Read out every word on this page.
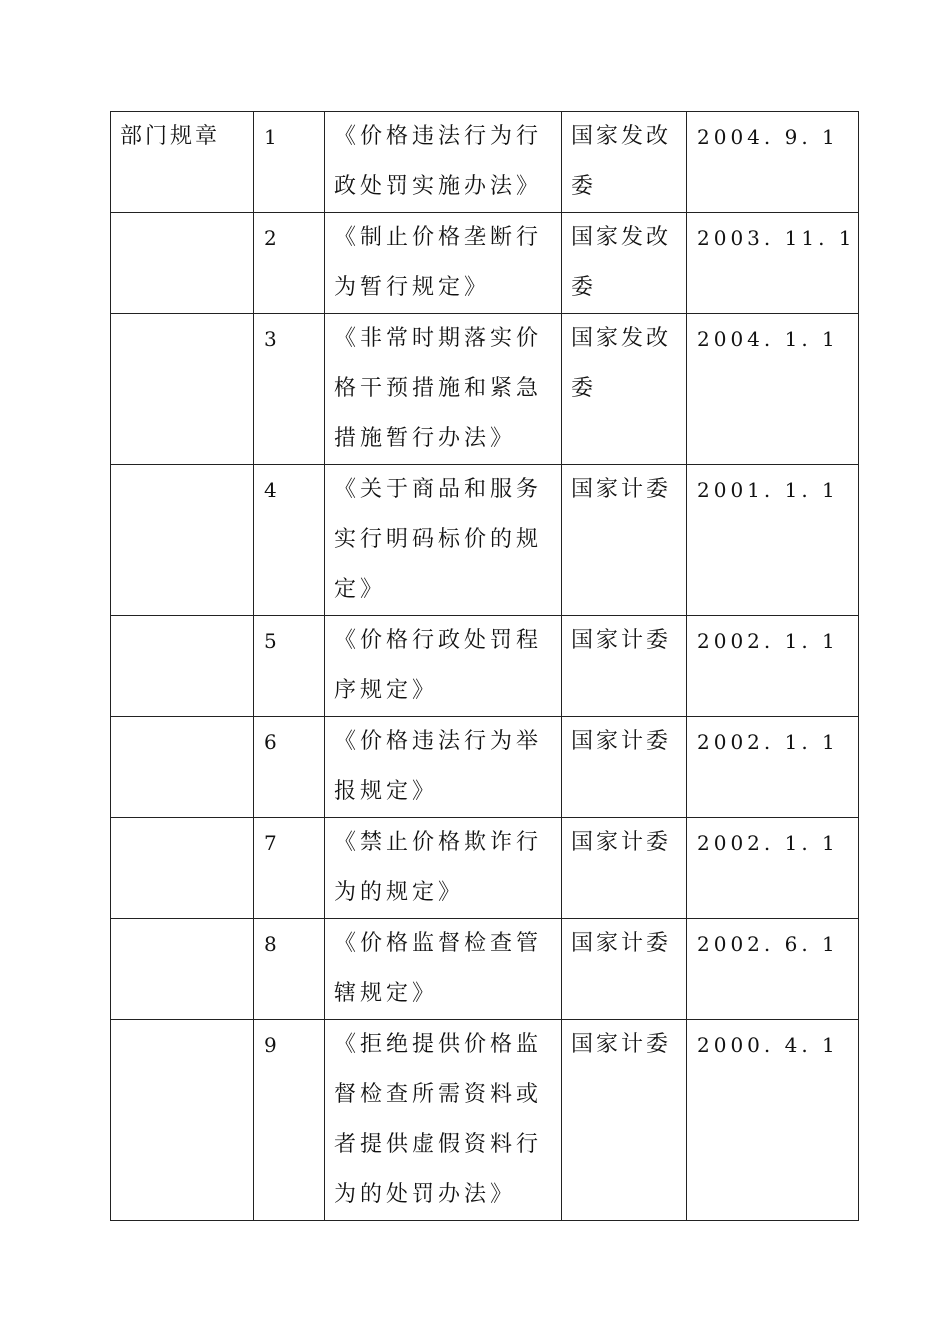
部门规章	1	《价格违法行为行政处罚实施办法》	国家发改委	2004. 9. 1

	2	《制止价格垄断行为暂行规定》	国家发改委	2003. 11. 1

	3	《非常时期落实价格干预措施和紧急措施暂行办法》	国家发改委	2004. 1. 1

	4	《关于商品和服务实行明码标价的规定》	国家计委	2001. 1. 1

	5	《价格行政处罚程序规定》	国家计委	2002. 1. 1

	6	《价格违法行为举报规定》	国家计委	2002. 1. 1

	7	《禁止价格欺诈行为的规定》	国家计委	2002. 1. 1

	8	《价格监督检查管辖规定》	国家计委	2002. 6. 1

	9	《拒绝提供价格监督检查所需资料或者提供虚假资料行为的处罚办法》	国家计委	2000. 4. 1
